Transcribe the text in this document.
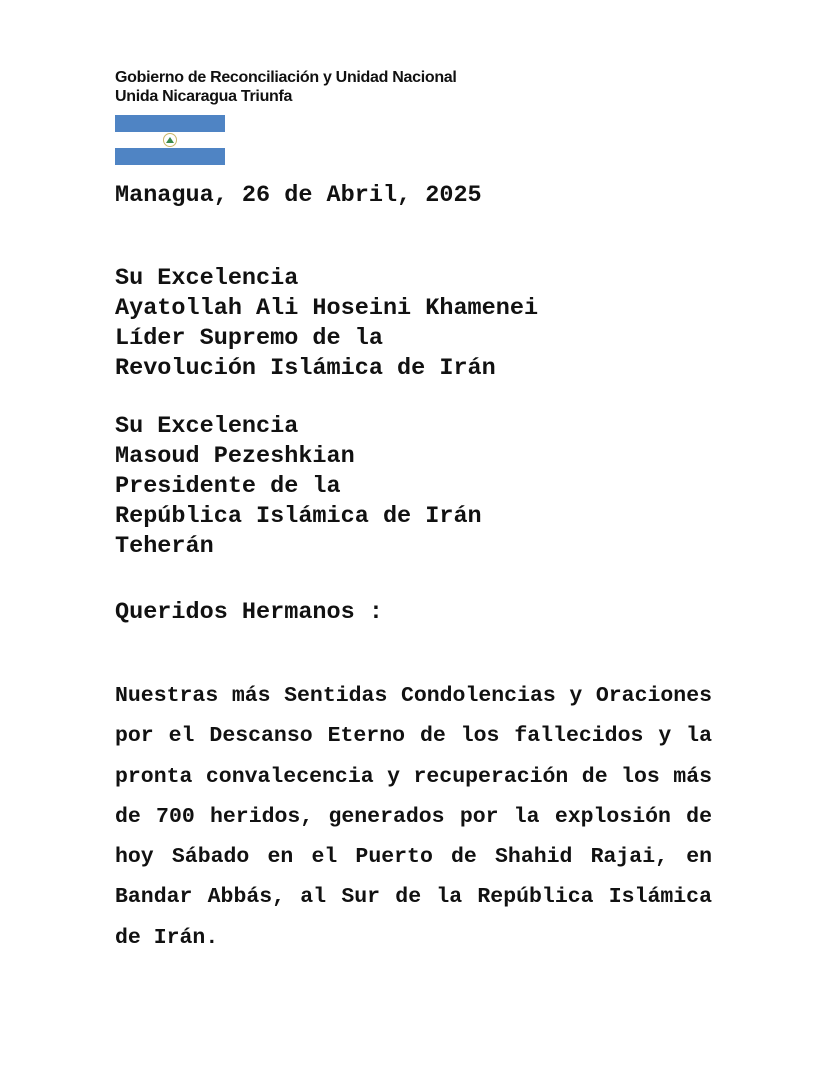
Gobierno de Reconciliación y Unidad Nacional
Unida Nicaragua Triunfa
Managua, 26 de Abril, 2025
Su Excelencia
Ayatollah Ali Hoseini Khamenei
Líder Supremo de la
Revolución Islámica de Irán
Su Excelencia
Masoud Pezeshkian
Presidente de la
República Islámica de Irán
Teherán
Queridos Hermanos :
Nuestras más Sentidas Condolencias y Oraciones
por el Descanso Eterno de los fallecidos y la
pronta convalecencia y recuperación de los más
de 700 heridos, generados por la explosión de
hoy Sábado en el Puerto de Shahid Rajai, en
Bandar Abbás, al Sur de la República Islámica
de Irán.
